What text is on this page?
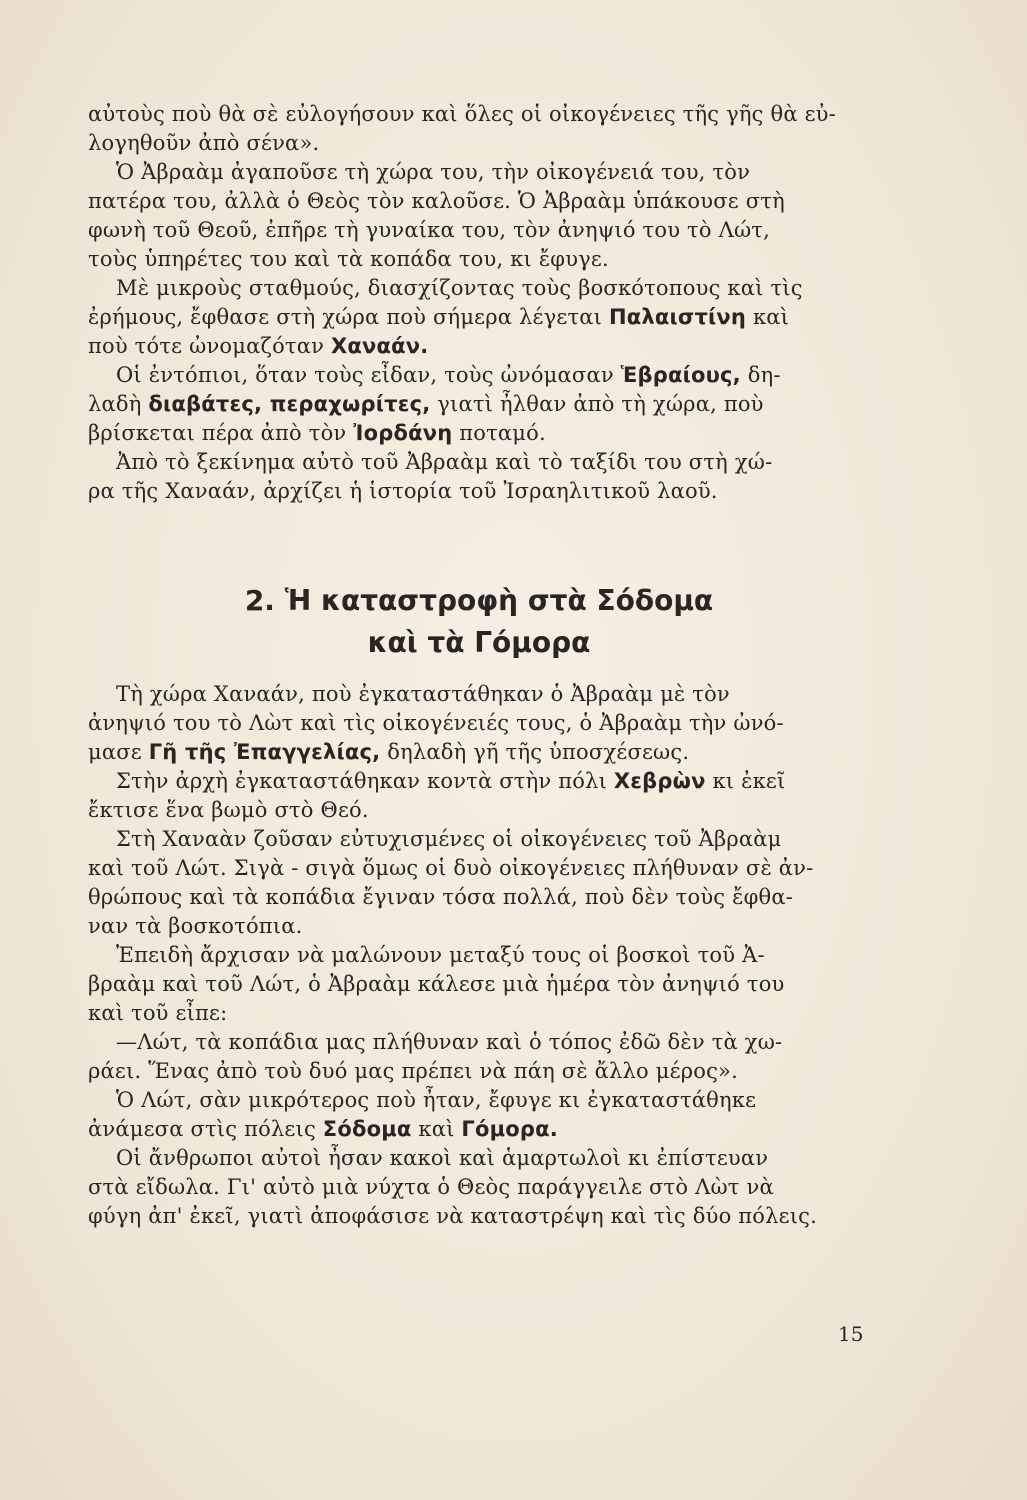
αὐτοὺς ποὺ θὰ σὲ εὐλογήσουν καὶ ὅλες οἱ οἰκογένειες τῆς γῆς θὰ εὐ-
λογηθοῦν ἀπὸ σένα».
Ὁ Ἀβραὰμ ἀγαποῦσε τὴ χώρα του, τὴν οἰκογένειά του, τὸν
πατέρα του, ἀλλὰ ὁ Θεὸς τὸν καλοῦσε. Ὁ Ἀβραὰμ ὑπάκουσε στὴ
φωνὴ τοῦ Θεοῦ, ἐπῆρε τὴ γυναίκα του, τὸν ἀνηψιό του τὸ Λώτ,
τοὺς ὑπηρέτες του καὶ τὰ κοπάδα του, κι ἔφυγε.
Μὲ μικροὺς σταθμούς, διασχίζοντας τοὺς βοσκότοπους καὶ τὶς
ἐρήμους, ἔφθασε στὴ χώρα ποὺ σήμερα λέγεται Παλαιστίνη καὶ
ποὺ τότε ὠνομαζόταν Χαναάν.
Οἱ ἐντόπιοι, ὅταν τοὺς εἶδαν, τοὺς ὠνόμασαν Ἑβραίους, δη-
λαδὴ διαβάτες, περαχωρίτες, γιατὶ ἦλθαν ἀπὸ τὴ χώρα, ποὺ
βρίσκεται πέρα ἀπὸ τὸν Ἰορδάνη ποταμό.
Ἀπὸ τὸ ξεκίνημα αὐτὸ τοῦ Ἀβραὰμ καὶ τὸ ταξίδι του στὴ χώ-
ρα τῆς Χαναάν, ἀρχίζει ἡ ἱστορία τοῦ Ἰσραηλιτικοῦ λαοῦ.
2. Ἡ καταστροφὴ στὰ Σόδομα
καὶ τὰ Γόμορα
Τὴ χώρα Χαναάν, ποὺ ἐγκαταστάθηκαν ὁ Ἀβραὰμ μὲ τὸν
ἀνηψιό του τὸ Λὼτ καὶ τὶς οἰκογένειές τους, ὁ Ἀβραὰμ τὴν ὠνό-
μασε Γῆ τῆς Ἐπαγγελίας, δηλαδὴ γῆ τῆς ὑποσχέσεως.
Στὴν ἀρχὴ ἐγκαταστάθηκαν κοντὰ στὴν πόλι Χεβρὼν κι ἐκεῖ
ἔκτισε ἕνα βωμὸ στὸ Θεό.
Στὴ Χαναὰν ζοῦσαν εὐτυχισμένες οἱ οἰκογένειες τοῦ Ἀβραὰμ
καὶ τοῦ Λώτ. Σιγὰ - σιγὰ ὅμως οἱ δυὸ οἰκογένειες πλήθυναν σὲ ἀν-
θρώπους καὶ τὰ κοπάδια ἔγιναν τόσα πολλά, ποὺ δὲν τοὺς ἔφθα-
ναν τὰ βοσκοτόπια.
Ἐπειδὴ ἄρχισαν νὰ μαλώνουν μεταξύ τους οἱ βοσκοὶ τοῦ Ἀ-
βραὰμ καὶ τοῦ Λώτ, ὁ Ἀβραὰμ κάλεσε μιὰ ἡμέρα τὸν ἀνηψιό του
καὶ τοῦ εἶπε:
—Λώτ, τὰ κοπάδια μας πλήθυναν καὶ ὁ τόπος ἐδῶ δὲν τὰ χω-
ράει. Ἕνας ἀπὸ τοὺ δυό μας πρέπει νὰ πάη σὲ ἄλλο μέρος».
Ὁ Λώτ, σὰν μικρότερος ποὺ ἦταν, ἔφυγε κι ἐγκαταστάθηκε
ἀνάμεσα στὶς πόλεις Σόδομα καὶ Γόμορα.
Οἱ ἄνθρωποι αὐτοὶ ἦσαν κακοὶ καὶ ἁμαρτωλοὶ κι ἐπίστευαν
στὰ εἴδωλα. Γι' αὐτὸ μιὰ νύχτα ὁ Θεὸς παράγγειλε στὸ Λὼτ νὰ
φύγη ἀπ' ἐκεῖ, γιατὶ ἀποφάσισε νὰ καταστρέψη καὶ τὶς δύο πόλεις.
15
